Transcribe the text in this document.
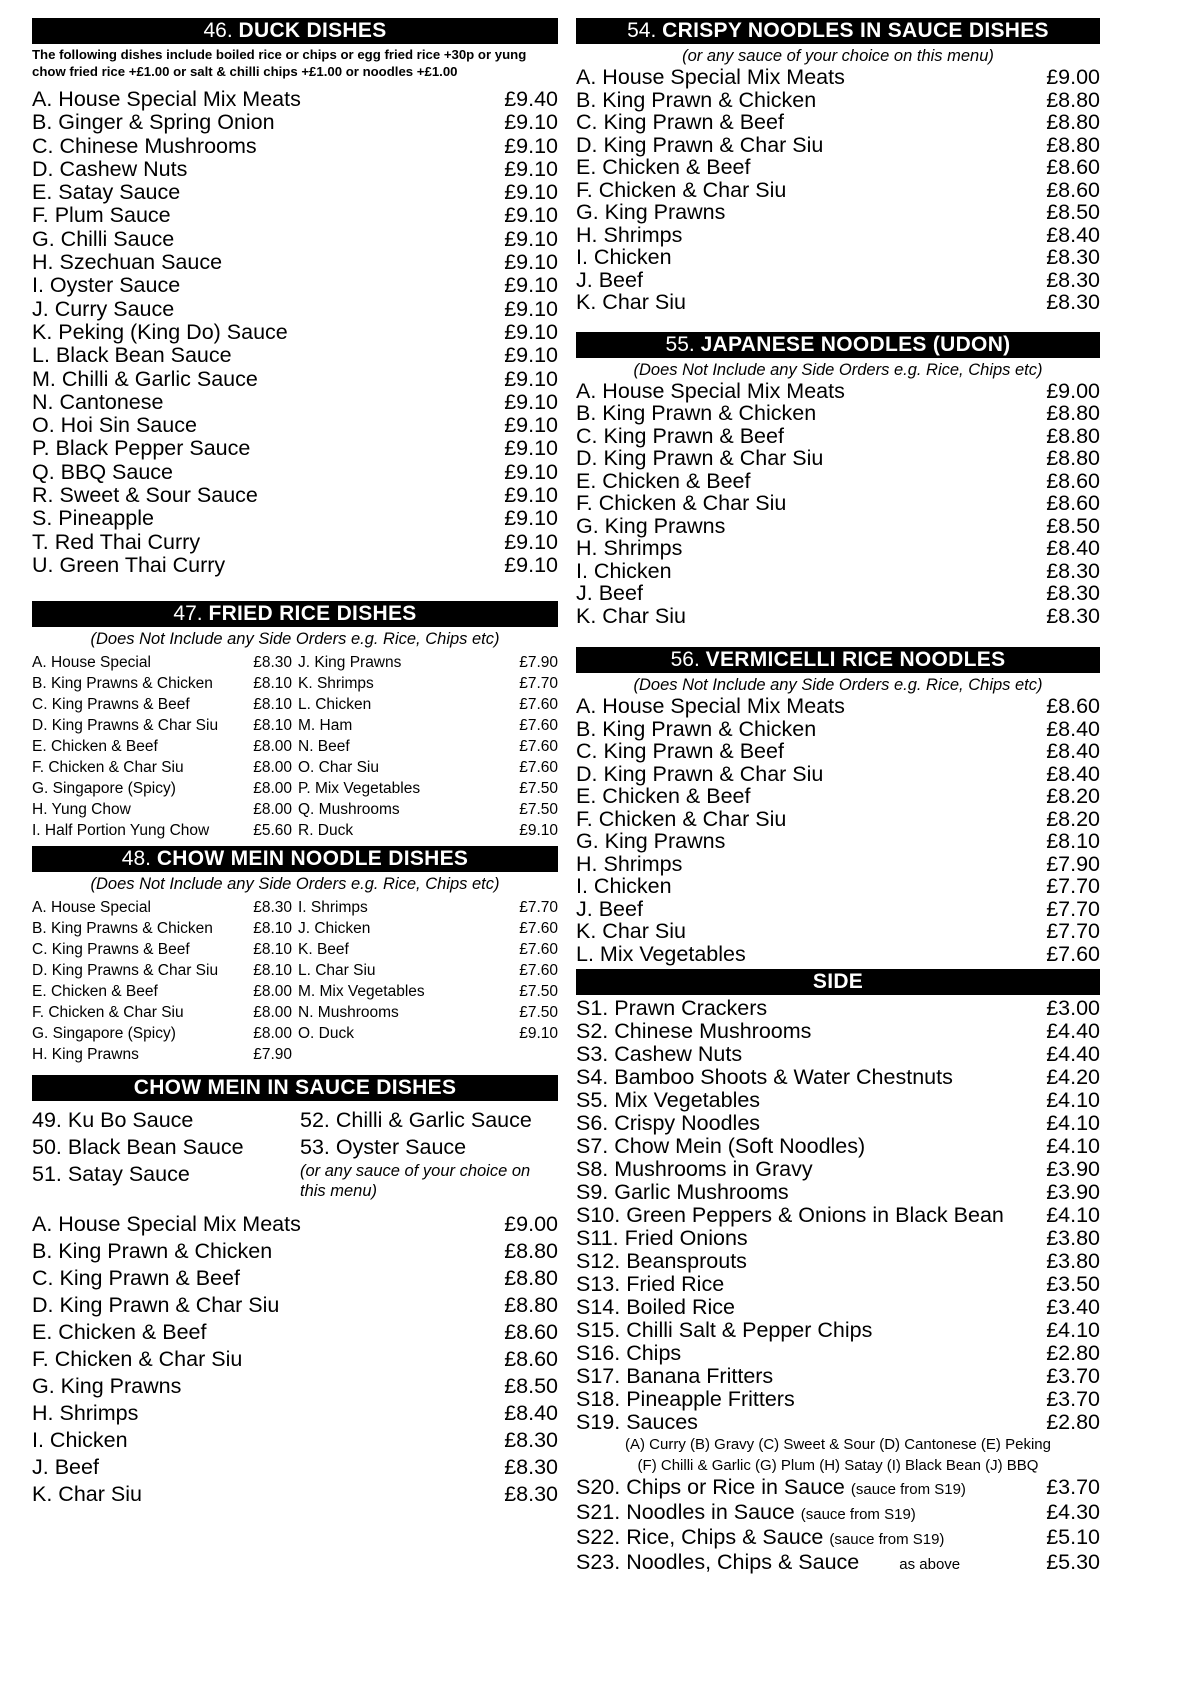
46. DUCK DISHES
The following dishes include boiled rice or chips or egg fried rice +30p or yung chow fried rice +£1.00 or salt & chilli chips +£1.00 or noodles +£1.00
A. House Special Mix Meats	£9.40
B. Ginger & Spring Onion	£9.10
C. Chinese Mushrooms	£9.10
D. Cashew Nuts	£9.10
E. Satay Sauce	£9.10
F. Plum Sauce	£9.10
G. Chilli Sauce	£9.10
H. Szechuan Sauce	£9.10
I. Oyster Sauce	£9.10
J. Curry Sauce	£9.10
K. Peking (King Do) Sauce	£9.10
L. Black Bean Sauce	£9.10
M. Chilli & Garlic Sauce	£9.10
N. Cantonese	£9.10
O. Hoi Sin Sauce	£9.10
P. Black Pepper Sauce	£9.10
Q. BBQ Sauce	£9.10
R. Sweet & Sour Sauce	£9.10
S. Pineapple	£9.10
T. Red Thai Curry	£9.10
U. Green Thai Curry	£9.10
47. FRIED RICE DISHES
(Does Not Include any Side Orders e.g. Rice, Chips etc)
A. House Special	£8.30 J. King Prawns	£7.90
B. King Prawns & Chicken	£8.10 K. Shrimps	£7.70
C. King Prawns & Beef	£8.10 L. Chicken	£7.60
D. King Prawns & Char Siu £8.10 M. Ham	£7.60
E. Chicken & Beef	£8.00 N. Beef	£7.60
F. Chicken & Char Siu	£8.00 O. Char Siu	£7.60
G. Singapore (Spicy)	£8.00 P. Mix Vegetables	£7.50
H. Yung Chow	£8.00 Q. Mushrooms	£7.50
I. Half Portion Yung Chow	£5.60 R. Duck	£9.10
48. CHOW MEIN NOODLE DISHES
(Does Not Include any Side Orders e.g. Rice, Chips etc)
A. House Special	£8.30 I. Shrimps	£7.70
B. King Prawns & Chicken	£8.10 J. Chicken	£7.60
C. King Prawns & Beef	£8.10 K. Beef	£7.60
D. King Prawns & Char Siu £8.10 L. Char Siu	£7.60
E. Chicken & Beef	£8.00 M. Mix Vegetables	£7.50
F. Chicken & Char Siu	£8.00 N. Mushrooms	£7.50
G. Singapore (Spicy)	£8.00 O. Duck	£9.10
H. King Prawns	£7.90
CHOW MEIN IN SAUCE DISHES
49. Ku Bo Sauce
50. Black Bean Sauce
51. Satay Sauce
52. Chilli & Garlic Sauce
53. Oyster Sauce
(or any sauce of your choice on this menu)
A. House Special Mix Meats	£9.00
B. King Prawn & Chicken	£8.80
C. King Prawn & Beef	£8.80
D. King Prawn & Char Siu	£8.80
E. Chicken & Beef	£8.60
F. Chicken & Char Siu	£8.60
G. King Prawns	£8.50
H. Shrimps	£8.40
I. Chicken	£8.30
J. Beef	£8.30
K. Char Siu	£8.30
54. CRISPY NOODLES IN SAUCE DISHES
(or any sauce of your choice on this menu)
A. House Special Mix Meats	£9.00
B. King Prawn & Chicken	£8.80
C. King Prawn & Beef	£8.80
D. King Prawn & Char Siu	£8.80
E. Chicken & Beef	£8.60
F. Chicken & Char Siu	£8.60
G. King Prawns	£8.50
H. Shrimps	£8.40
I. Chicken	£8.30
J. Beef	£8.30
K. Char Siu	£8.30
55. JAPANESE NOODLES (UDON)
(Does Not Include any Side Orders e.g. Rice, Chips etc)
A. House Special Mix Meats	£9.00
B. King Prawn & Chicken	£8.80
C. King Prawn & Beef	£8.80
D. King Prawn & Char Siu	£8.80
E. Chicken & Beef	£8.60
F. Chicken & Char Siu	£8.60
G. King Prawns	£8.50
H. Shrimps	£8.40
I. Chicken	£8.30
J. Beef	£8.30
K. Char Siu	£8.30
56. VERMICELLI RICE NOODLES
(Does Not Include any Side Orders e.g. Rice, Chips etc)
A. House Special Mix Meats	£8.60
B. King Prawn & Chicken	£8.40
C. King Prawn & Beef	£8.40
D. King Prawn & Char Siu	£8.40
E. Chicken & Beef	£8.20
F. Chicken & Char Siu	£8.20
G. King Prawns	£8.10
H. Shrimps	£7.90
I. Chicken	£7.70
J. Beef	£7.70
K. Char Siu	£7.70
L. Mix Vegetables	£7.60
SIDE
S1. Prawn Crackers	£3.00
S2. Chinese Mushrooms	£4.40
S3. Cashew Nuts	£4.40
S4. Bamboo Shoots & Water Chestnuts	£4.20
S5. Mix Vegetables	£4.10
S6. Crispy Noodles	£4.10
S7. Chow Mein (Soft Noodles)	£4.10
S8. Mushrooms in Gravy	£3.90
S9. Garlic Mushrooms	£3.90
S10. Green Peppers & Onions in Black Bean £4.10
S11. Fried Onions	£3.80
S12. Beansprouts	£3.80
S13. Fried Rice	£3.50
S14. Boiled Rice	£3.40
S15. Chilli Salt & Pepper Chips	£4.10
S16. Chips	£2.80
S17. Banana Fritters	£3.70
S18. Pineapple Fritters	£3.70
S19. Sauces	£2.80
(A) Curry (B) Gravy (C) Sweet & Sour (D) Cantonese (E) Peking
(F) Chilli & Garlic (G) Plum (H) Satay (I) Black Bean (J) BBQ
S20. Chips or Rice in Sauce (sauce from S19)	£3.70
S21. Noodles in Sauce (sauce from S19)	£4.30
S22. Rice, Chips & Sauce (sauce from S19)	£5.10
S23. Noodles, Chips & Sauce	as above	£5.30
